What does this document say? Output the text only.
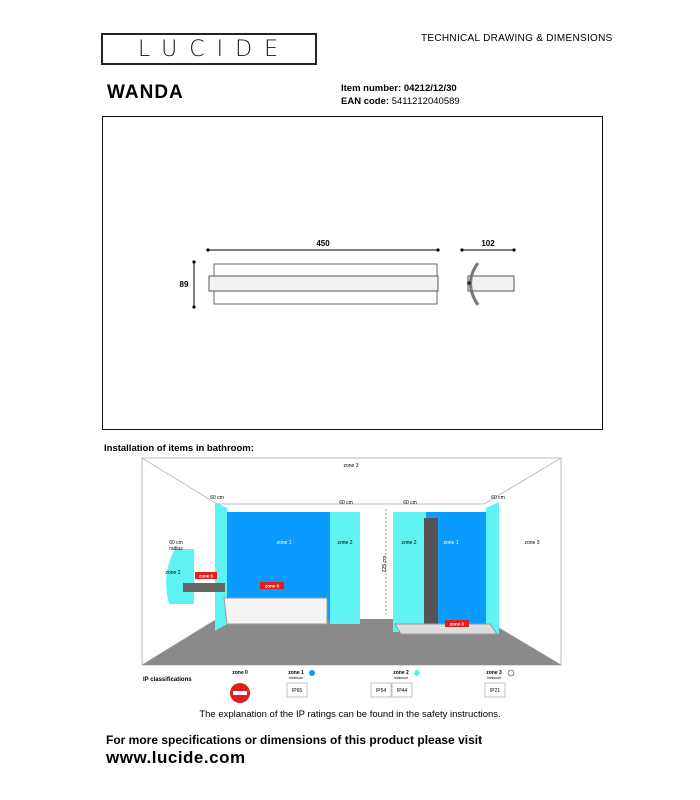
LUCIDE	TECHNICAL DRAWING & DIMENSIONS
WANDA	Item number: 04212/12/30
EAN code: 5411212040589
450
89
102
Installation of items in bathroom:
zone 0
zone 0
225 cm
zone 0
zone 3
60 cm
60 cm	60 cm
60 cm
60 cm
radius
zone 2
zone 1	zone 2	zone 2	zone 1	zone 3
IP classifications
zone 0	zone 1
minimum
IP65
zone 2
minimum
IP54 IP44
zone 3
minimum
IP21
The explanation of the IP ratings can be found in the safety instructions.
For more specifications or dimensions of this product please visit
www.lucide.com
